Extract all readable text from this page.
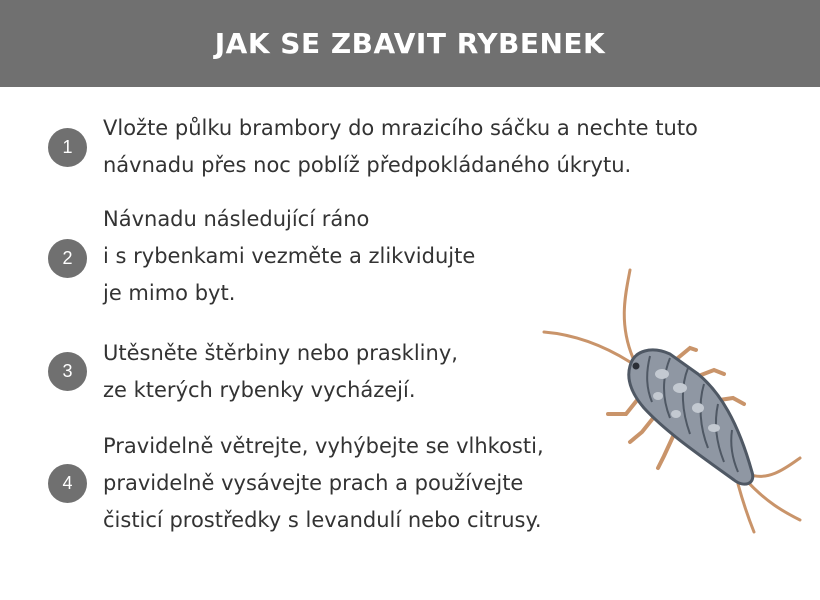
JAK SE ZBAVIT RYBENEK
1
Vložte půlku brambory do mrazicího sáčku a nechte tuto
návnadu přes noc poblíž předpokládaného úkrytu.
2
Návnadu následující ráno
i s rybenkami vezměte a zlikvidujte
je mimo byt.
3
Utěsněte štěrbiny nebo praskliny,
ze kterých rybenky vycházejí.
4
Pravidelně větrejte, vyhýbejte se vlhkosti,
pravidelně vysávejte prach a používejte
čisticí prostředky s levandulí nebo citrusy.
